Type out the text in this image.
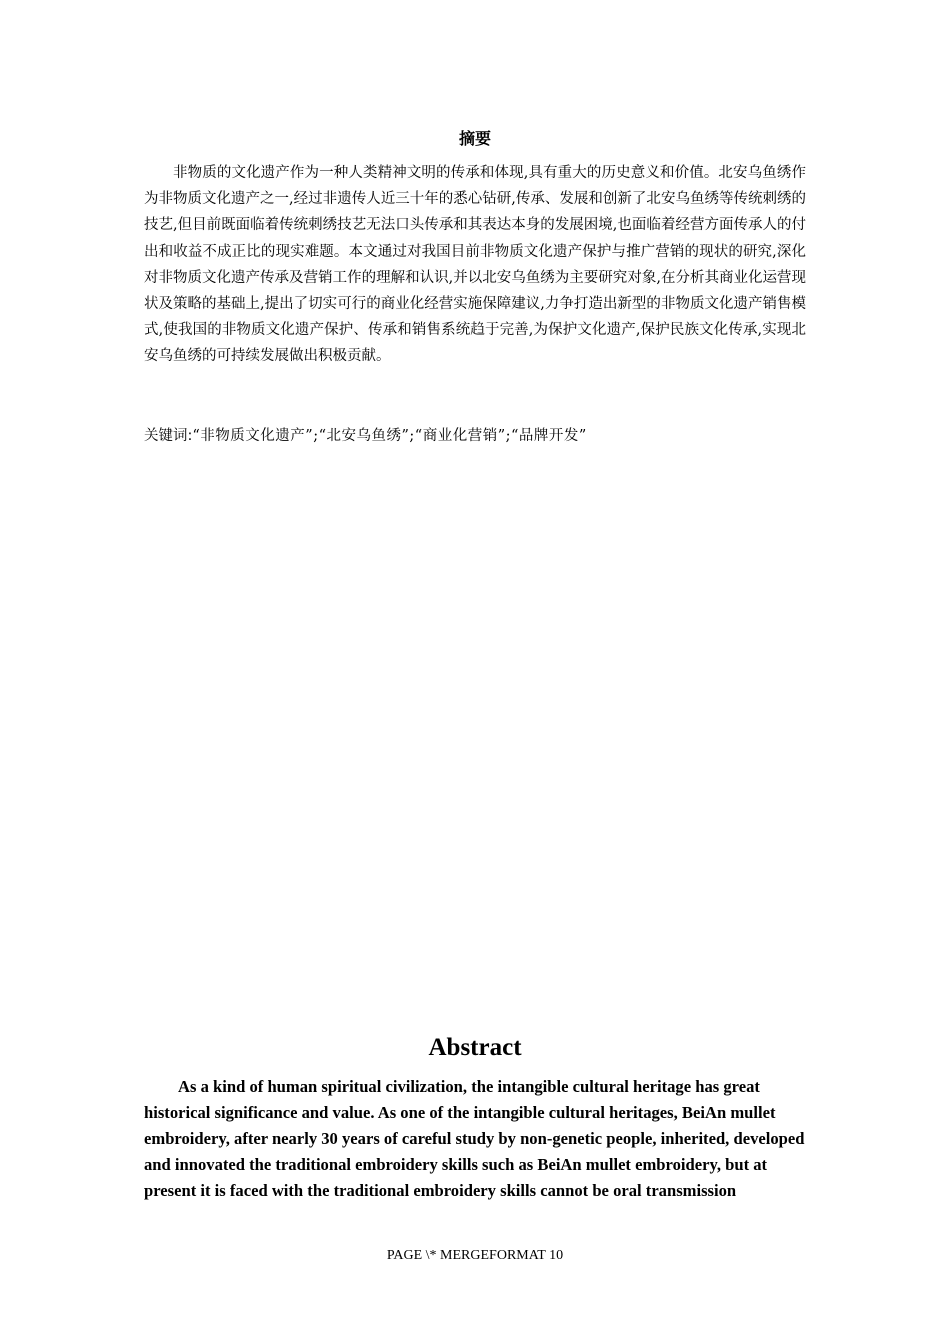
摘要

非物质的文化遗产作为一种人类精神文明的传承和体现,具有重大的历史意义和价值。北安乌鱼绣作为非物质文化遗产之一,经过非遗传人近三十年的悉心钻研,传承、发展和创新了北安乌鱼绣等传统刺绣的技艺,但目前既面临着传统刺绣技艺无法口头传承和其表达本身的发展困境,也面临着经营方面传承人的付出和收益不成正比的现实难题。本文通过对我国目前非物质文化遗产保护与推广营销的现状的研究,深化对非物质文化遗产传承及营销工作的理解和认识,并以北安乌鱼绣为主要研究对象,在分析其商业化运营现状及策略的基础上,提出了切实可行的商业化经营实施保障建议,力争打造出新型的非物质文化遗产销售模式,使我国的非物质文化遗产保护、传承和销售系统趋于完善,为保护文化遗产,保护民族文化传承,实现北安乌鱼绣的可持续发展做出积极贡献。

关键词:“非物质文化遗产”;“北安乌鱼绣”;“商业化营销”;“品牌开发”
Abstract

As a kind of human spiritual civilization, the intangible cultural heritage has great historical significance and value. As one of the intangible cultural heritages, BeiAn mullet embroidery, after nearly 30 years of careful study by non-genetic people, inherited, developed and innovated the traditional embroidery skills such as BeiAn mullet embroidery, but at present it is faced with the traditional embroidery skills cannot be oral transmission

PAGE \* MERGEFORMAT 10
